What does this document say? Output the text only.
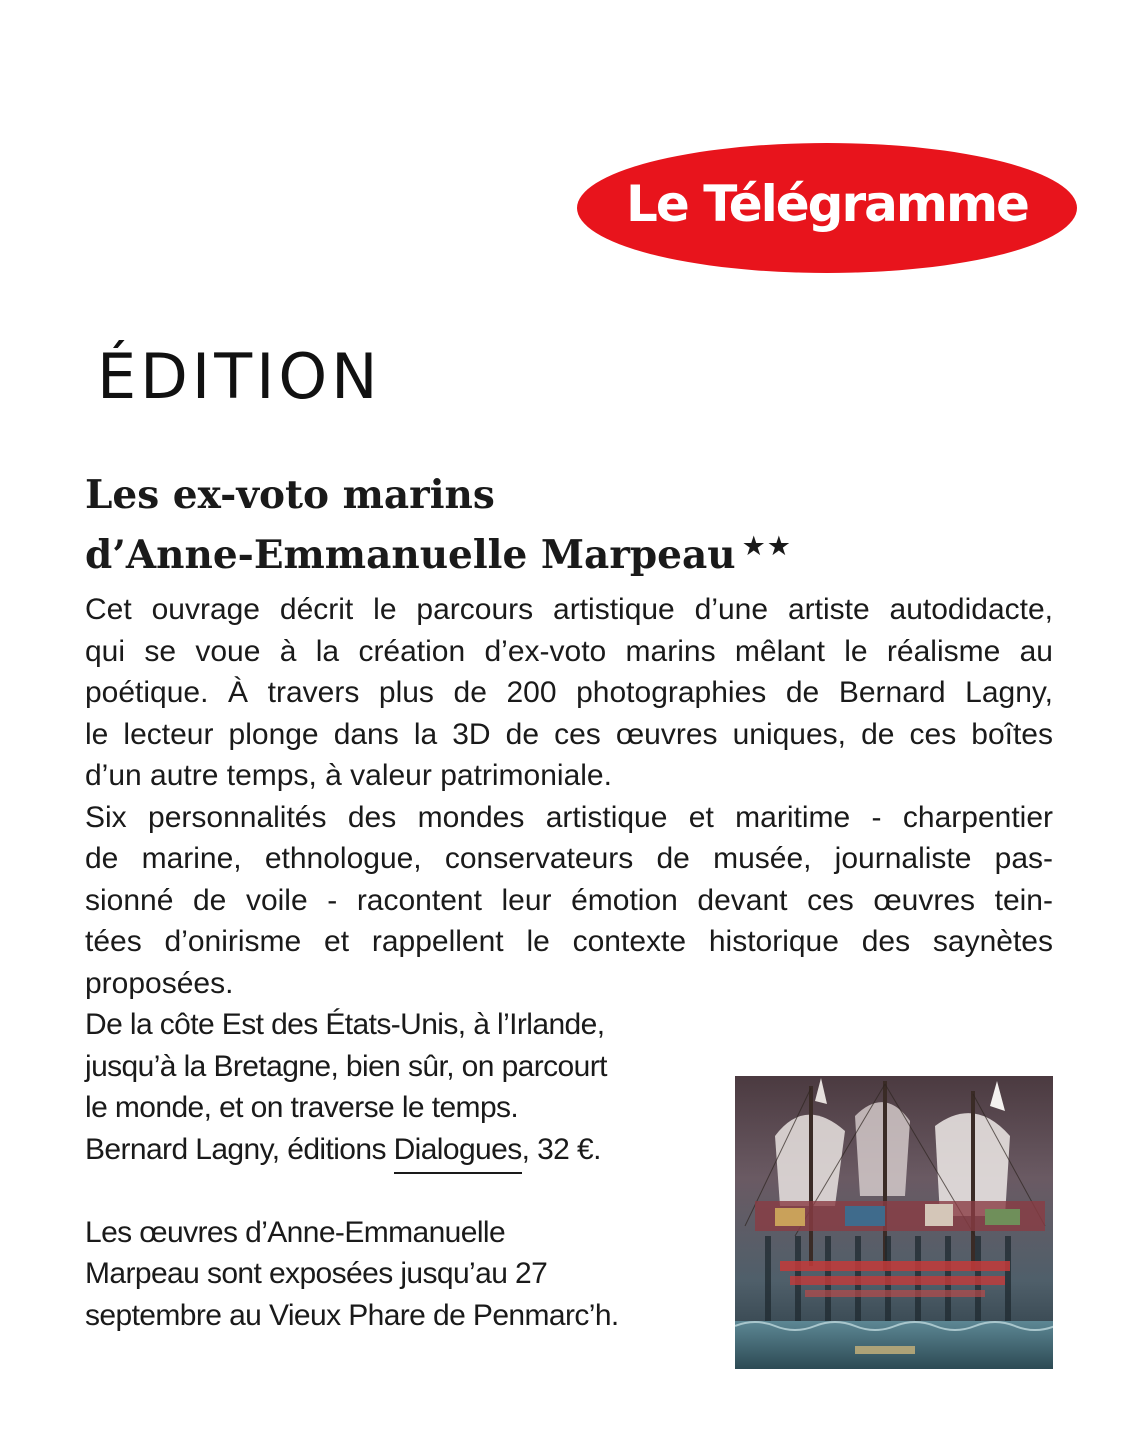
Le Télégramme
ÉDITION
Les ex-voto marins
d’Anne-Emmanuelle Marpeau ★★
Cet ouvrage décrit le parcours artistique d’une artiste autodidacte,
qui se voue à la création d’ex-voto marins mêlant le réalisme au
poétique. À travers plus de 200 photographies de Bernard Lagny,
le lecteur plonge dans la 3D de ces œuvres uniques, de ces boîtes
d’un autre temps, à valeur patrimoniale.
Six personnalités des mondes artistique et maritime - charpentier
de marine, ethnologue, conservateurs de musée, journaliste pas-
sionné de voile - racontent leur émotion devant ces œuvres tein-
tées d’onirisme et rappellent le contexte historique des saynètes
proposées.
De la côte Est des États-Unis, à l’Irlande,
jusqu’à la Bretagne, bien sûr, on parcourt
le monde, et on traverse le temps.
Bernard Lagny, éditions Dialogues, 32 €.
Les œuvres d’Anne-Emmanuelle
Marpeau sont exposées jusqu’au 27
septembre au Vieux Phare de Penmarc’h.
